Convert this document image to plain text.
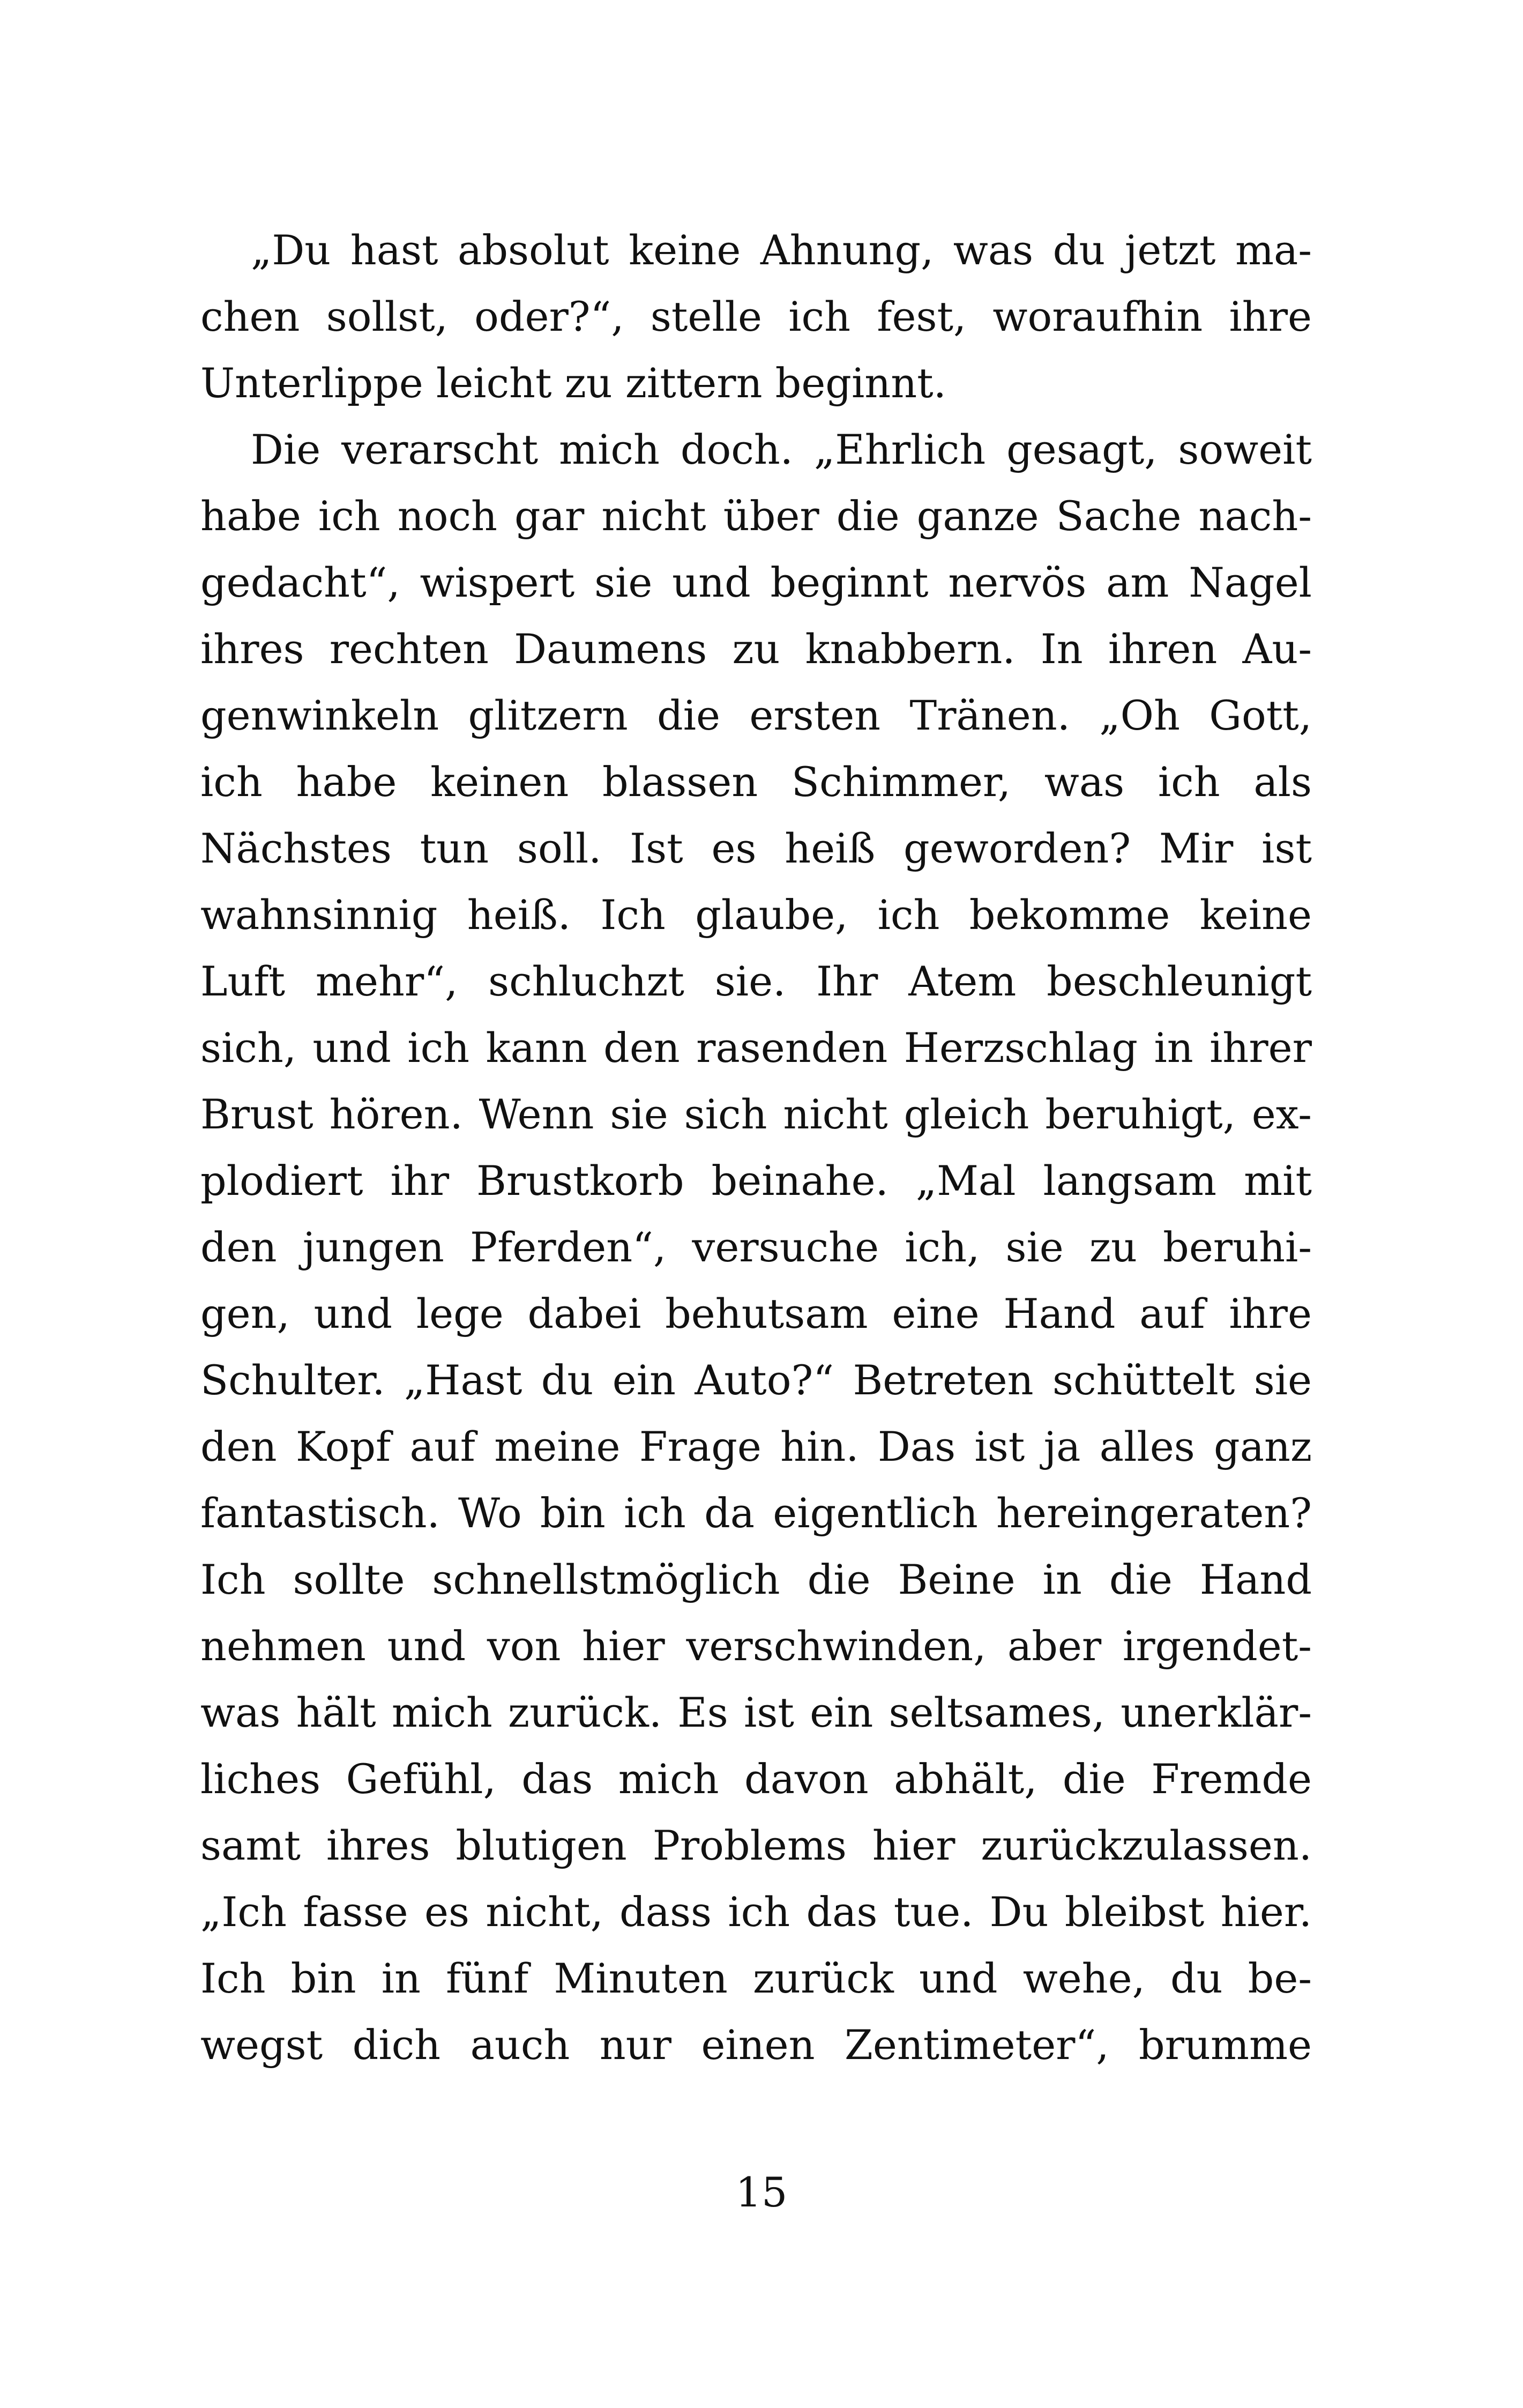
„Du hast absolut keine Ahnung, was du jetzt ma-
chen sollst, oder?“, stelle ich fest, woraufhin ihre
Unterlippe leicht zu zittern beginnt.
Die verarscht mich doch. „Ehrlich gesagt, soweit
habe ich noch gar nicht über die ganze Sache nach-
gedacht“, wispert sie und beginnt nervös am Nagel
ihres rechten Daumens zu knabbern. In ihren Au-
genwinkeln glitzern die ersten Tränen. „Oh Gott,
ich habe keinen blassen Schimmer, was ich als
Nächstes tun soll. Ist es heiß geworden? Mir ist
wahnsinnig heiß. Ich glaube, ich bekomme keine
Luft mehr“, schluchzt sie. Ihr Atem beschleunigt
sich, und ich kann den rasenden Herzschlag in ihrer
Brust hören. Wenn sie sich nicht gleich beruhigt, ex-
plodiert ihr Brustkorb beinahe. „Mal langsam mit
den jungen Pferden“, versuche ich, sie zu beruhi-
gen, und lege dabei behutsam eine Hand auf ihre
Schulter. „Hast du ein Auto?“ Betreten schüttelt sie
den Kopf auf meine Frage hin. Das ist ja alles ganz
fantastisch. Wo bin ich da eigentlich hereingeraten?
Ich sollte schnellstmöglich die Beine in die Hand
nehmen und von hier verschwinden, aber irgendet-
was hält mich zurück. Es ist ein seltsames, unerklär-
liches Gefühl, das mich davon abhält, die Fremde
samt ihres blutigen Problems hier zurückzulassen.
„Ich fasse es nicht, dass ich das tue. Du bleibst hier.
Ich bin in fünf Minuten zurück und wehe, du be-
wegst dich auch nur einen Zentimeter“, brumme
15
